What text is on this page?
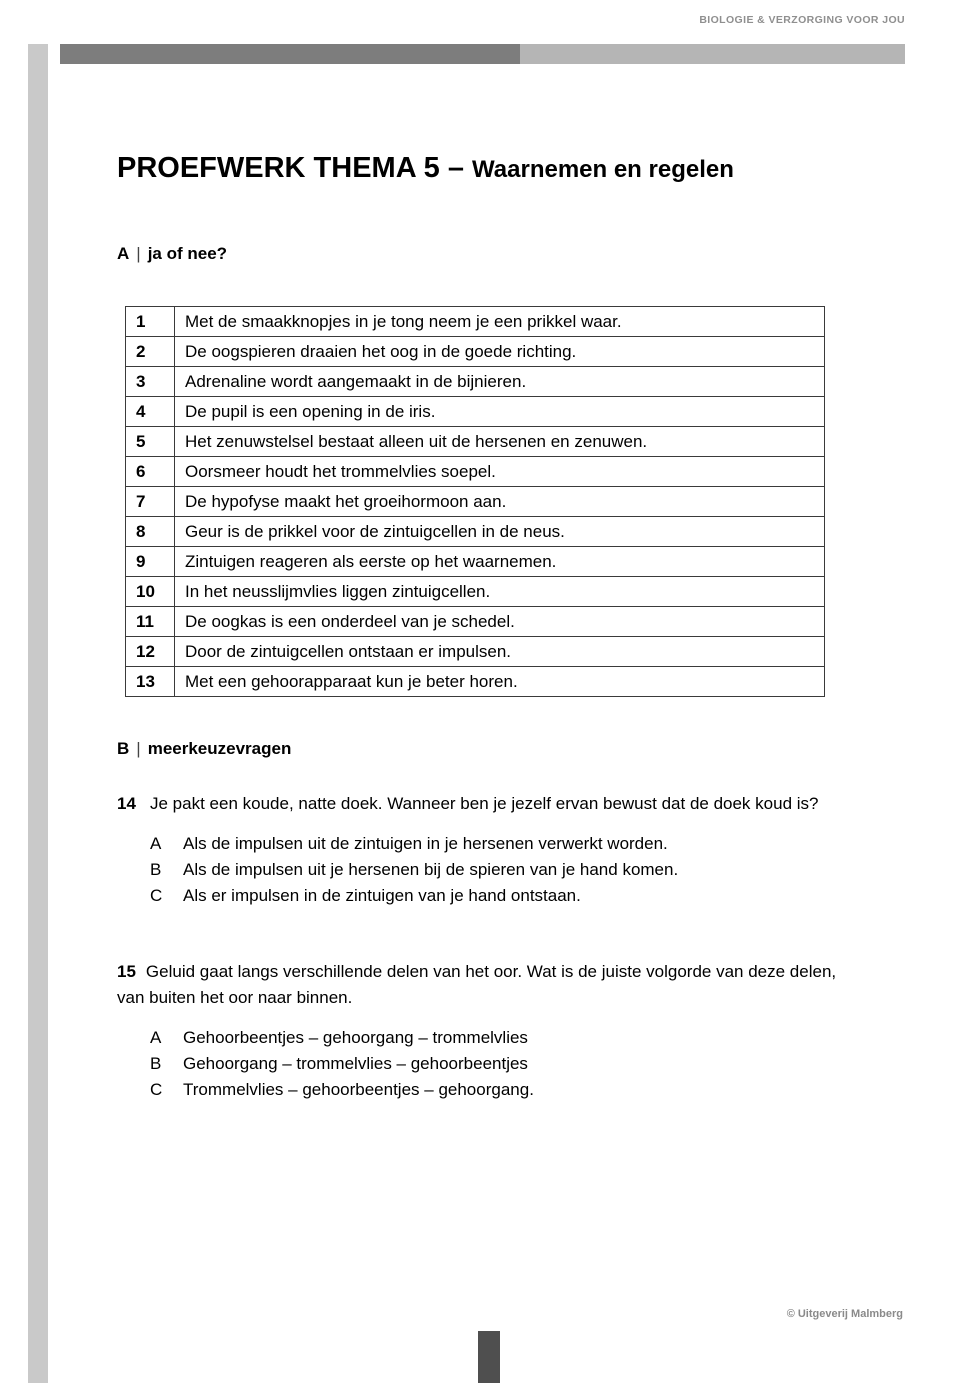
BIOLOGIE & VERZORGING VOOR JOU
PROEFWERK THEMA 5 – Waarnemen en regelen
A | ja of nee?
1	Met de smaakknopjes in je tong neem je een prikkel waar.
2	De oogspieren draaien het oog in de goede richting.
3	Adrenaline wordt aangemaakt in de bijnieren.
4	De pupil is een opening in de iris.
5	Het zenuwstelsel bestaat alleen uit de hersenen en zenuwen.
6	Oorsmeer houdt het trommelvlies soepel.
7	De hypofyse maakt het groeihormoon aan.
8	Geur is de prikkel voor de zintuigcellen in de neus.
9	Zintuigen reageren als eerste op het waarnemen.
10	In het neusslijmvlies liggen zintuigcellen.
11	De oogkas is een onderdeel van je schedel.
12	Door de zintuigcellen ontstaan er impulsen.
13	Met een gehoorapparaat kun je beter horen.
B | meerkeuzevragen
14 Je pakt een koude, natte doek. Wanneer ben je jezelf ervan bewust dat de doek koud is?
A	Als de impulsen uit de zintuigen in je hersenen verwerkt worden.
B	Als de impulsen uit je hersenen bij de spieren van je hand komen.
C	Als er impulsen in de zintuigen van je hand ontstaan.
15 Geluid gaat langs verschillende delen van het oor. Wat is de juiste volgorde van deze delen, van buiten het oor naar binnen.
A	Gehoorbeentjes – gehoorgang – trommelvlies
B	Gehoorgang – trommelvlies – gehoorbeentjes
C	Trommelvlies – gehoorbeentjes – gehoorgang.
© Uitgeverij Malmberg
